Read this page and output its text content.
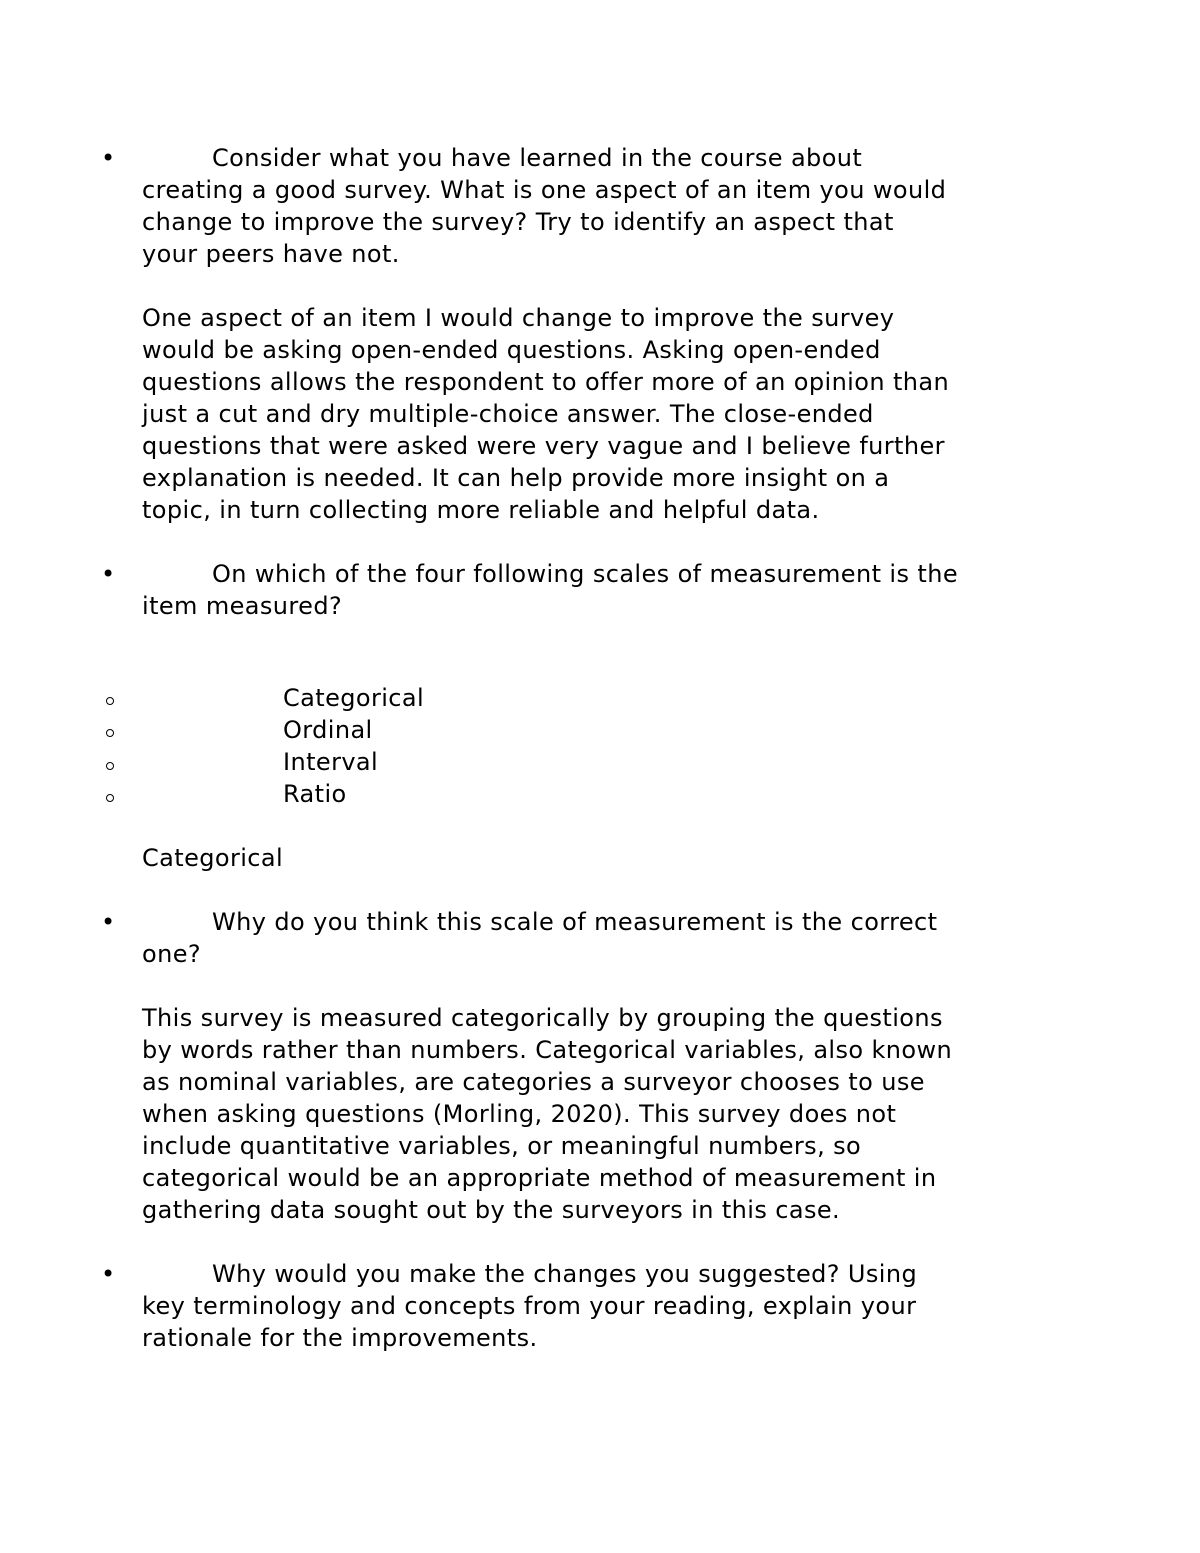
•	Consider what you have learned in the course about
creating a good survey. What is one aspect of an item you would
change to improve the survey? Try to identify an aspect that
your peers have not.
One aspect of an item I would change to improve the survey
would be asking open-ended questions. Asking open-ended
questions allows the respondent to offer more of an opinion than
just a cut and dry multiple-choice answer. The close-ended
questions that were asked were very vague and I believe further
explanation is needed. It can help provide more insight on a
topic, in turn collecting more reliable and helpful data.
•	On which of the four following scales of measurement is the
item measured?
Categorical
Ordinal
Interval
Ratio
Categorical
•	Why do you think this scale of measurement is the correct
one?
This survey is measured categorically by grouping the questions
by words rather than numbers. Categorical variables, also known
as nominal variables, are categories a surveyor chooses to use
when asking questions (Morling, 2020). This survey does not
include quantitative variables, or meaningful numbers, so
categorical would be an appropriate method of measurement in
gathering data sought out by the surveyors in this case.
•	Why would you make the changes you suggested? Using
key terminology and concepts from your reading, explain your
rationale for the improvements.
